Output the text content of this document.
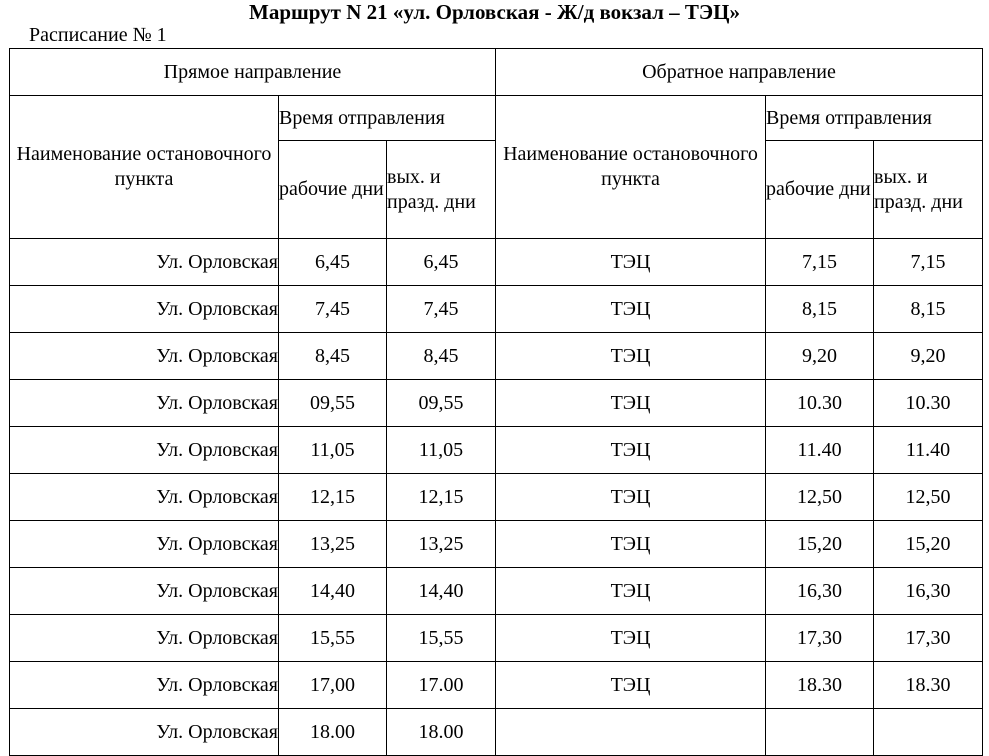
Маршрут N 21 «ул. Орловская - Ж/д вокзал – ТЭЦ»
Расписание № 1
Прямое направление			Обратное направление		
Наименование остановочного пункта	Время отправления		Наименование остановочного пункта	Время отправления	
	рабочие дни	вых. и празд. дни		рабочие дни	вых. и празд. дни
Ул. Орловская	6,45	6,45	ТЭЦ	7,15	7,15
Ул. Орловская	7,45	7,45	ТЭЦ	8,15	8,15
Ул. Орловская	8,45	8,45	ТЭЦ	9,20	9,20
Ул. Орловская	09,55	09,55	ТЭЦ	10.30	10.30
Ул. Орловская	11,05	11,05	ТЭЦ	11.40	11.40
Ул. Орловская	12,15	12,15	ТЭЦ	12,50	12,50
Ул. Орловская	13,25	13,25	ТЭЦ	15,20	15,20
Ул. Орловская	14,40	14,40	ТЭЦ	16,30	16,30
Ул. Орловская	15,55	15,55	ТЭЦ	17,30	17,30
Ул. Орловская	17,00	17.00	ТЭЦ	18.30	18.30
Ул. Орловская	18.00	18.00			
